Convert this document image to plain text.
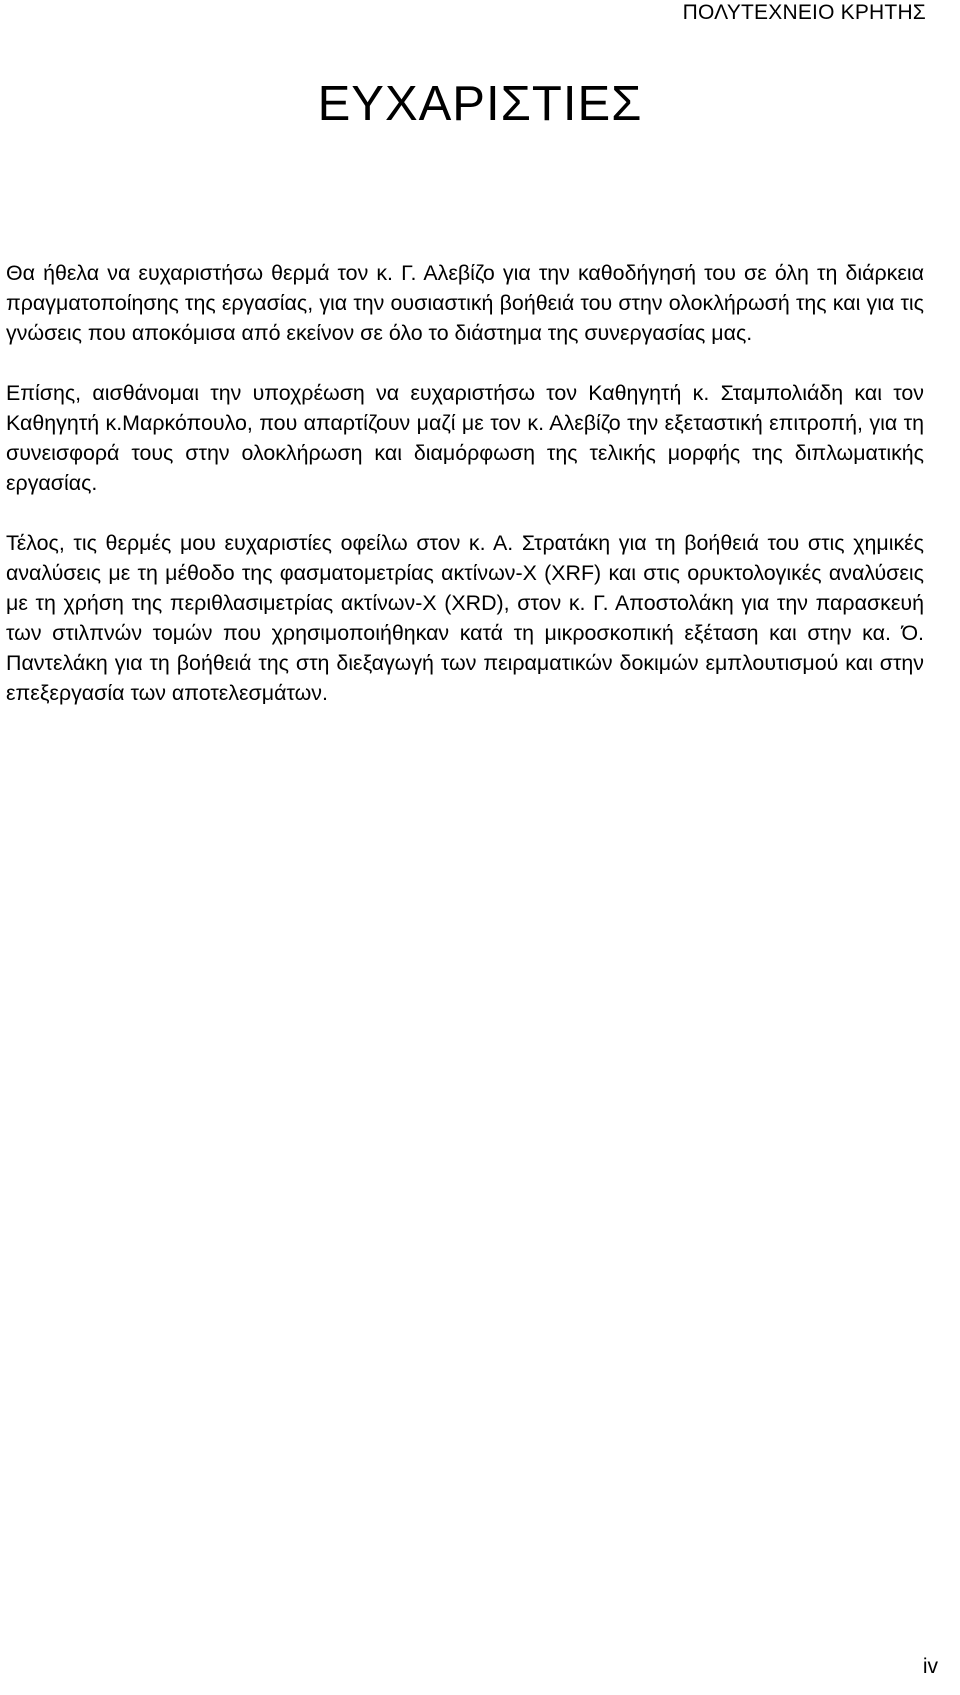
ΠΟΛΥΤΕΧΝΕΙΟ ΚΡΗΤΗΣ
ΕΥΧΑΡΙΣΤΙΕΣ

Θα ήθελα να ευχαριστήσω θερμά τον κ. Γ. Αλεβίζο για την καθοδήγησή του σε όλη τη διάρκεια πραγματοποίησης της εργασίας, για την ουσιαστική βοήθειά του στην ολοκλήρωσή της και για τις γνώσεις που αποκόμισα από εκείνον σε όλο το διάστημα της συνεργασίας μας.

Επίσης, αισθάνομαι την υποχρέωση να ευχαριστήσω τον Καθηγητή κ. Σταμπολιάδη και τον Καθηγητή κ.Μαρκόπουλο, που απαρτίζουν μαζί με τον κ. Αλεβίζο την εξεταστική επιτροπή, για τη συνεισφορά τους στην ολοκλήρωση και διαμόρφωση της τελικής μορφής της διπλωματικής εργασίας.

Τέλος, τις θερμές μου ευχαριστίες οφείλω στον κ. Α. Στρατάκη για τη βοήθειά του στις χημικές αναλύσεις με τη μέθοδο της φασματομετρίας ακτίνων-Χ (XRF) και στις ορυκτολογικές αναλύσεις με τη χρήση της περιθλασιμετρίας ακτίνων-Χ (XRD), στον κ. Γ. Αποστολάκη για την παρασκευή των στιλπνών τομών που χρησιμοποιήθηκαν κατά τη μικροσκοπική εξέταση και στην κα. Ό. Παντελάκη για τη βοήθειά της στη διεξαγωγή των πειραματικών δοκιμών εμπλουτισμού και στην επεξεργασία των αποτελεσμάτων.

iv
